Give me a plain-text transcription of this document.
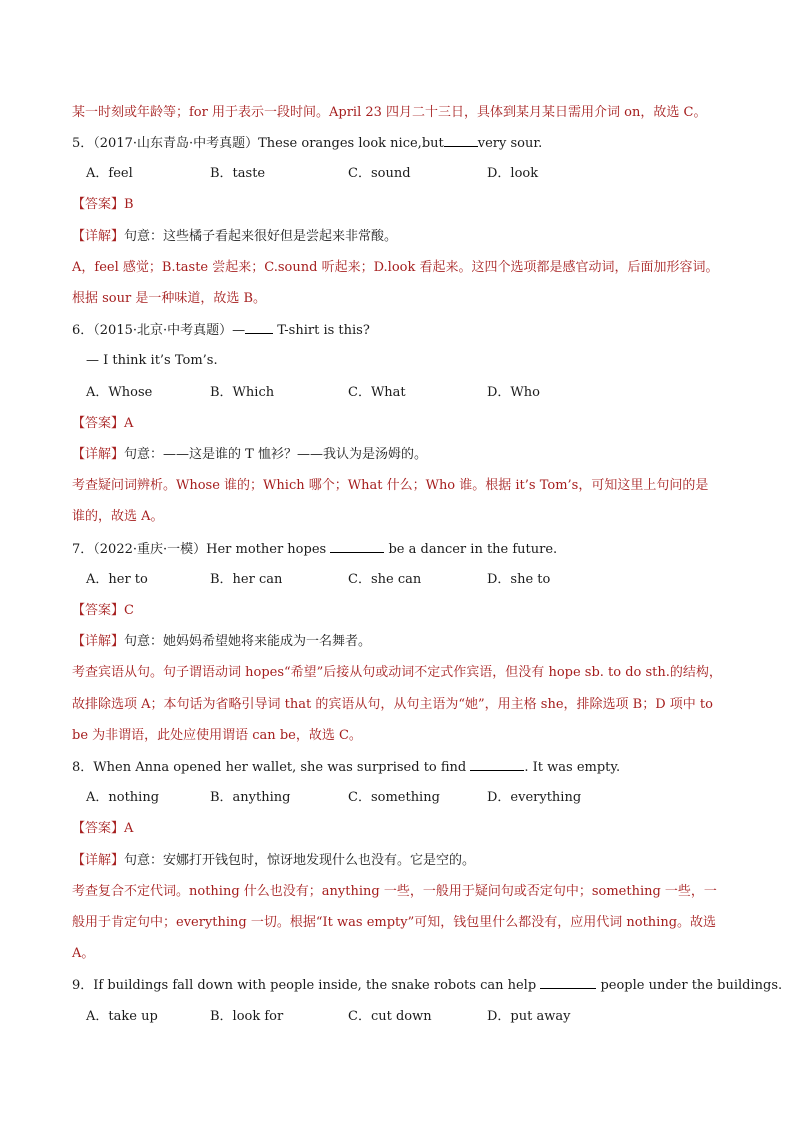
某一时刻或年龄等；for 用于表示一段时间。April 23 四月二十三日，具体到某月某日需用介词 on，故选 C。
5．（2017·山东青岛·中考真题）These oranges look nice,but	very sour.
A．feel	B．taste	C．sound	D．look
【答案】B
【详解】句意：这些橘子看起来很好但是尝起来非常酸。
A，feel 感觉；B.taste 尝起来；C.sound 听起来；D.look 看起来。这四个选项都是感官动词，后面加形容词。
根据 sour 是一种味道，故选 B。
6．（2015·北京·中考真题）— T-shirt is this?
— I think it’s Tom’s.
A．Whose	B．Which	C．What	D．Who
【答案】A
【详解】句意：——这是谁的 T 恤衫？——我认为是汤姆的。
考查疑问词辨析。Whose 谁的；Which 哪个；What 什么；Who 谁。根据 it’s Tom’s，可知这里上句问的是
谁的，故选 A。
7．（2022·重庆·一模）Her mother hopes	be a dancer in the future.
A．her to	B．her can	C．she can	D．she to
【答案】C
【详解】句意：她妈妈希望她将来能成为一名舞者。
考查宾语从句。句子谓语动词 hopes“希望”后接从句或动词不定式作宾语，但没有 hope sb. to do sth.的结构，
故排除选项 A；本句话为省略引导词 that 的宾语从句，从句主语为“她”，用主格 she，排除选项 B；D 项中 to
be 为非谓语，此处应使用谓语 can be，故选 C。
8．When Anna opened her wallet, she was surprised to find	. It was empty.
A．nothing	B．anything	C．something	D．everything
【答案】A
【详解】句意：安娜打开钱包时，惊讶地发现什么也没有。它是空的。
考查复合不定代词。nothing 什么也没有；anything 一些，一般用于疑问句或否定句中；something 一些，一
般用于肯定句中；everything 一切。根据“It was empty”可知，钱包里什么都没有，应用代词 nothing。故选
A。
9．If buildings fall down with people inside, the snake robots can help	people under the buildings.
A．take up	B．look for	C．cut down	D．put away
